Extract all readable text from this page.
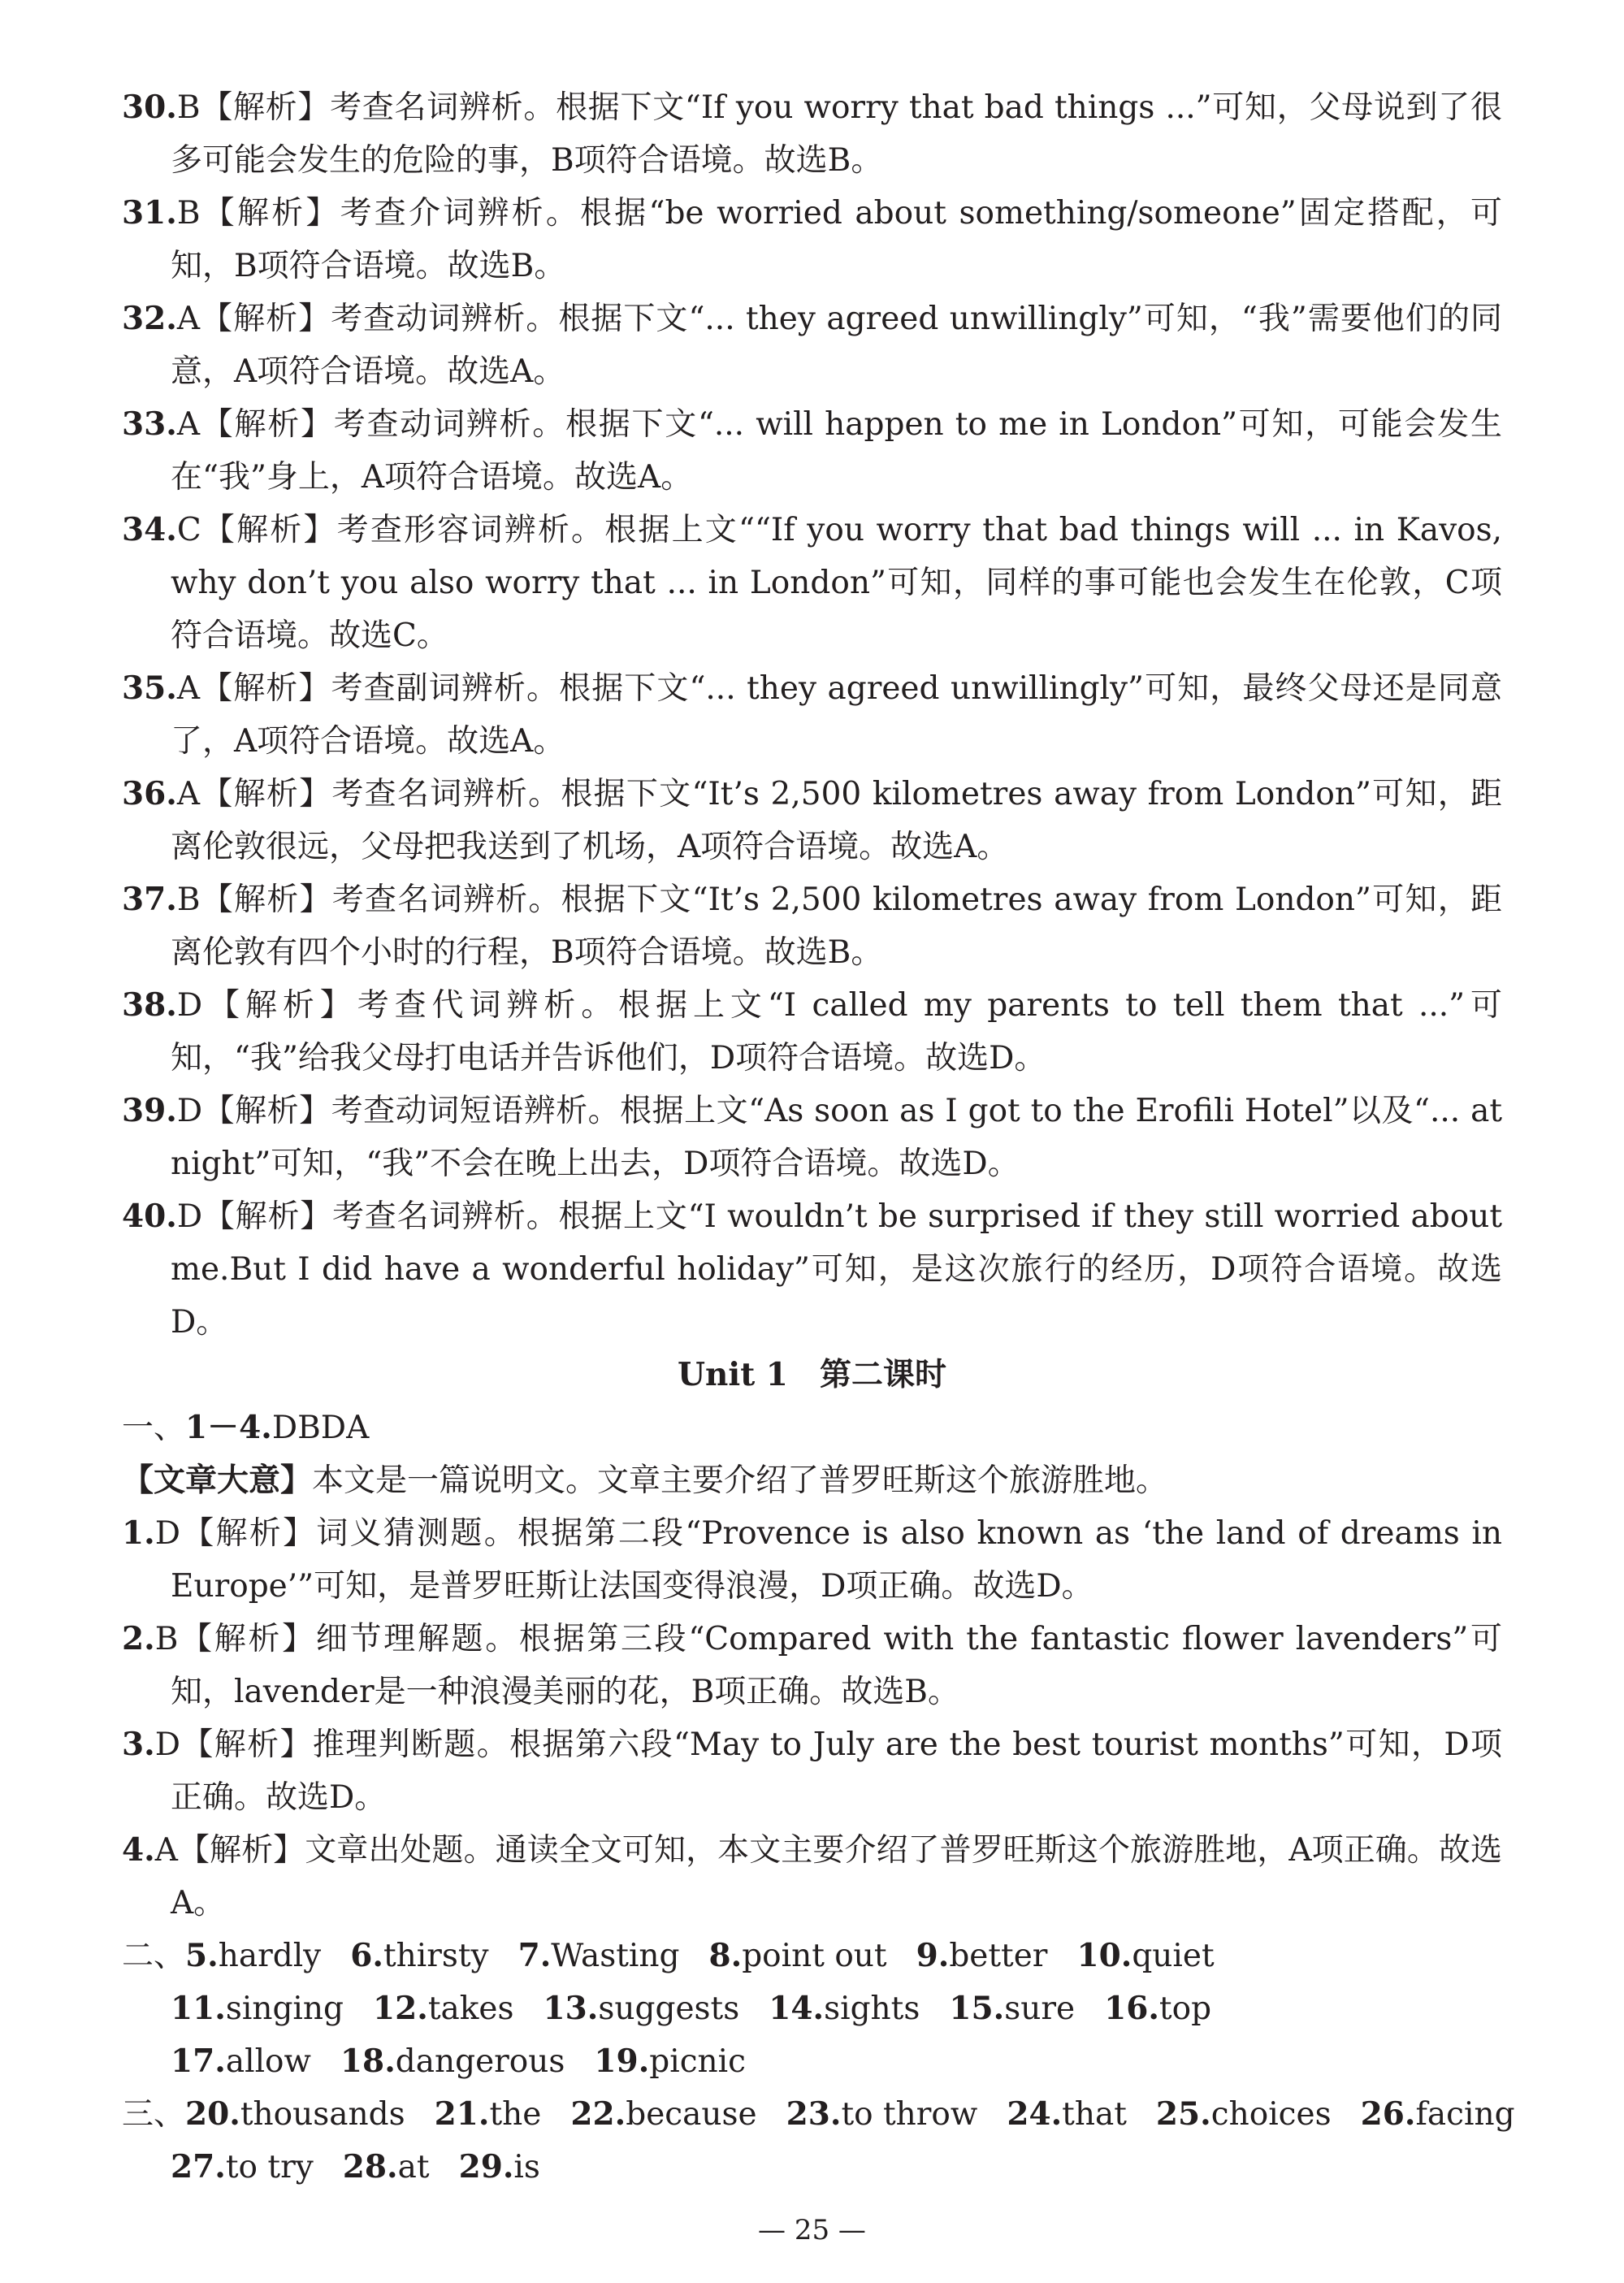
30.B【解析】考查名词辨析。根据下文“If you worry that bad things ...”可知，父母说到了很多可能会发生的危险的事，B项符合语境。故选B。

31.B【解析】考查介词辨析。根据“be worried about something/someone”固定搭配，可知，B项符合语境。故选B。

32.A【解析】考查动词辨析。根据下文“... they agreed unwillingly”可知，“我”需要他们的同意，A项符合语境。故选A。

33.A【解析】考查动词辨析。根据下文“... will happen to me in London”可知，可能会发生在“我”身上，A项符合语境。故选A。

34.C【解析】考查形容词辨析。根据上文““If you worry that bad things will ... in Kavos, why don’t you also worry that ... in London”可知，同样的事可能也会发生在伦敦，C项符合语境。故选C。

35.A【解析】考查副词辨析。根据下文“... they agreed unwillingly”可知，最终父母还是同意了，A项符合语境。故选A。

36.A【解析】考查名词辨析。根据下文“It’s 2,500 kilometres away from London”可知，距离伦敦很远，父母把我送到了机场，A项符合语境。故选A。

37.B【解析】考查名词辨析。根据下文“It’s 2,500 kilometres away from London”可知，距离伦敦有四个小时的行程，B项符合语境。故选B。

38.D【解析】考查代词辨析。根据上文“I called my parents to tell them that ...”可知，“我”给我父母打电话并告诉他们，D项符合语境。故选D。

39.D【解析】考查动词短语辨析。根据上文“As soon as I got to the Erofili Hotel”以及“... at night”可知，“我”不会在晚上出去，D项符合语境。故选D。

40.D【解析】考查名词辨析。根据上文“I wouldn’t be surprised if they still worried about me.But I did have a wonderful holiday”可知，是这次旅行的经历，D项符合语境。故选D。

Unit 1　第二课时

一、1－4.DBDA

【文章大意】本文是一篇说明文。文章主要介绍了普罗旺斯这个旅游胜地。

1.D【解析】词义猜测题。根据第二段“Provence is also known as ‘the land of dreams in Europe’”可知，是普罗旺斯让法国变得浪漫，D项正确。故选D。

2.B【解析】细节理解题。根据第三段“Compared with the fantastic flower lavenders”可知，lavender是一种浪漫美丽的花，B项正确。故选B。

3.D【解析】推理判断题。根据第六段“May to July are the best tourist months”可知，D项正确。故选D。

4.A【解析】文章出处题。通读全文可知，本文主要介绍了普罗旺斯这个旅游胜地，A项正确。故选A。

二、5.hardly 6.thirsty 7.Wasting 8.point out 9.better 10.quiet
11.singing 12.takes 13.suggests 14.sights 15.sure 16.top
17.allow 18.dangerous 19.picnic
三、20.thousands 21.the 22.because 23.to throw 24.that 25.choices 26.facing
27.to try 28.at 29.is
— 25 —
